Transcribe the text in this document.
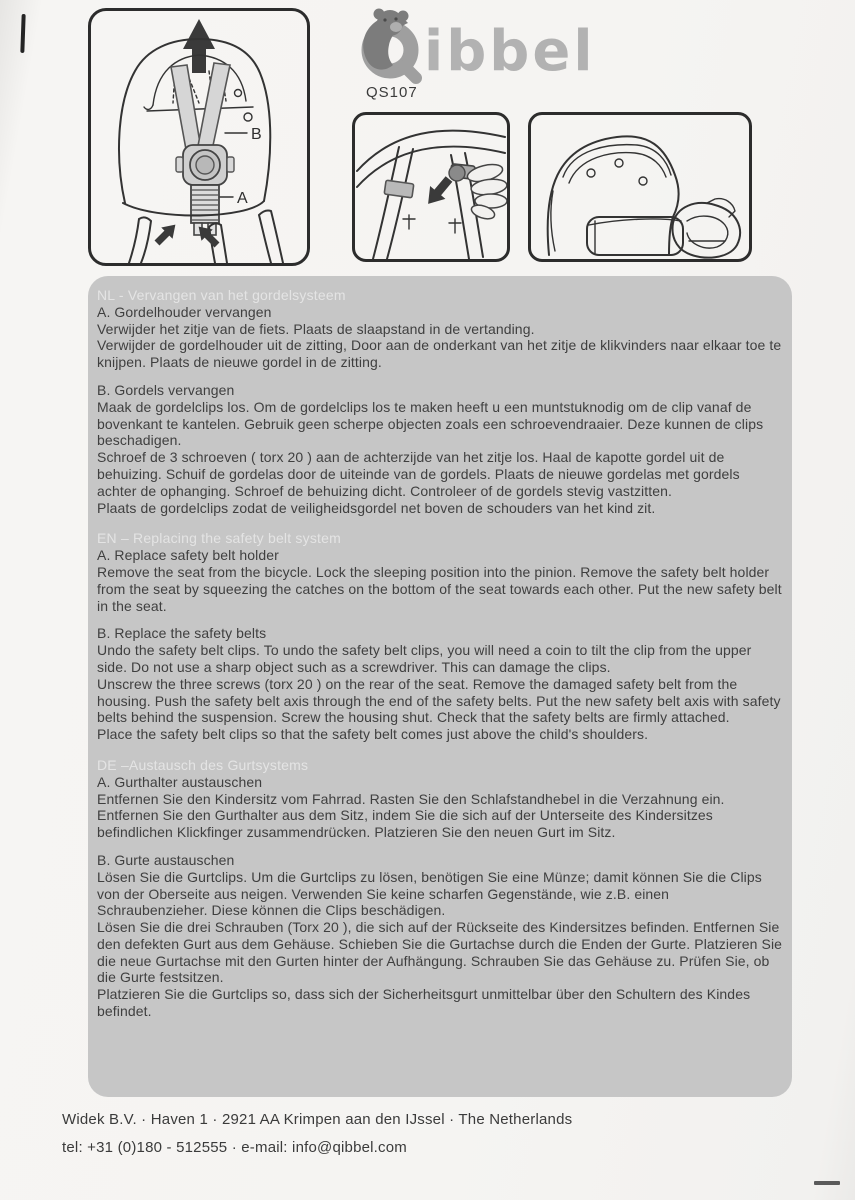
B
A
ibbel
QS107
NL - Vervangen van het gordelsysteem
A. Gordelhouder vervangen

Verwijder het zitje van de fiets. Plaats de slaapstand in de vertanding.

Verwijder de gordelhouder uit de zitting, Door aan de onderkant van het zitje de klikvinders naar elkaar toe te knijpen. Plaats de nieuwe gordel in de zitting.

B. Gordels vervangen

Maak de gordelclips los. Om de gordelclips los te maken heeft u een muntstuknodig om de clip vanaf de bovenkant te kantelen. Gebruik geen scherpe objecten zoals een schroevendraaier. Deze kunnen de clips beschadigen.

Schroef de 3 schroeven ( torx 20 ) aan de achterzijde van het zitje los. Haal de kapotte gordel uit de behuizing. Schuif de gordelas door de uiteinde van de gordels. Plaats de nieuwe gordelas met gordels achter de ophanging. Schroef de behuizing dicht. Controleer of de gordels stevig vastzitten.

Plaats de gordelclips zodat de veiligheidsgordel net boven de schouders van het kind zit.

EN – Replacing the safety belt system
A. Replace safety belt holder

Remove the seat from the bicycle. Lock the sleeping position into the pinion. Remove the safety belt holder from the seat by squeezing the catches on the bottom of the seat towards each other. Put the new safety belt in the seat.

B. Replace the safety belts

Undo the safety belt clips. To undo the safety belt clips, you will need a coin to tilt the clip from the upper side. Do not use a sharp object such as a screwdriver. This can damage the clips.

Unscrew the three screws (torx 20 ) on the rear of the seat. Remove the damaged safety belt from the housing. Push the safety belt axis through the end of the safety belts. Put the new safety belt axis with safety belts behind the suspension. Screw the housing shut. Check that the safety belts are firmly attached.

Place the safety belt clips so that the safety belt comes just above the child's shoulders.

DE –Austausch des Gurtsystems
A. Gurthalter austauschen

Entfernen Sie den Kindersitz vom Fahrrad. Rasten Sie den Schlafstandhebel in die Verzahnung ein. Entfernen Sie den Gurthalter aus dem Sitz, indem Sie die sich auf der Unterseite des Kindersitzes befindlichen Klickfinger zusammendrücken. Platzieren Sie den neuen Gurt im Sitz.

B. Gurte austauschen

Lösen Sie die Gurtclips. Um die Gurtclips zu lösen, benötigen Sie eine Münze; damit können Sie die Clips von der Oberseite aus neigen. Verwenden Sie keine scharfen Gegenstände, wie z.B. einen Schraubenzieher. Diese können die Clips beschädigen.

Lösen Sie die drei Schrauben (Torx 20 ), die sich auf der Rückseite des Kindersitzes befinden. Entfernen Sie den defekten Gurt aus dem Gehäuse. Schieben Sie die Gurtachse durch die Enden der Gurte. Platzieren Sie die neue Gurtachse mit den Gurten hinter der Aufhängung. Schrauben Sie das Gehäuse zu. Prüfen Sie, ob die Gurte festsitzen.

Platzieren Sie die Gurtclips so, dass sich der Sicherheitsgurt unmittelbar über den Schultern des Kindes befindet.

Widek B.V. · Haven 1 · 2921 AA Krimpen aan den IJssel · The Netherlands
tel: +31 (0)180 - 512555 · e-mail: info@qibbel.com
